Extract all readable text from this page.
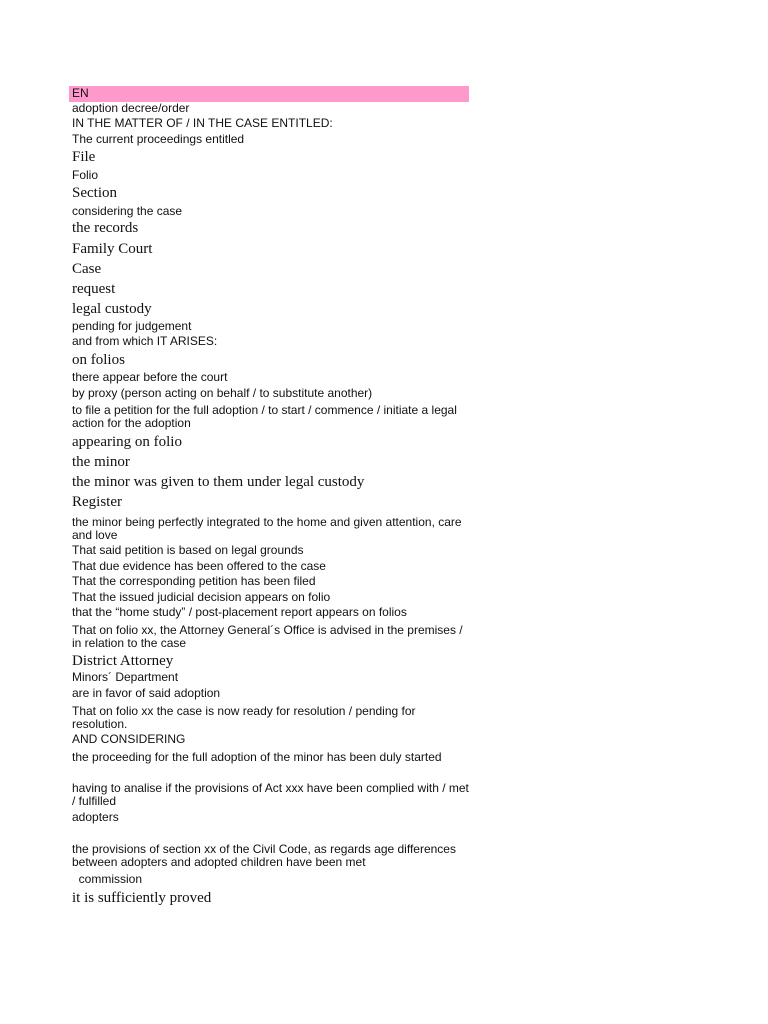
EN

adoption decree/order

IN THE MATTER OF / IN THE CASE ENTITLED:

The current proceedings entitled

File

Folio

Section

considering the case

the records

Family Court

Case

request

legal custody

pending for judgement

and from which IT ARISES:

on folios

there appear before the court

by proxy (person acting on behalf / to substitute another)

to file a petition for the full adoption / to start / commence / initiate a legal action for the adoption

appearing on folio

the minor

the minor was given to them under legal custody

Register

the minor being perfectly integrated to the home and given attention, care and love

That said petition is based on legal grounds

That due evidence has been offered to the case

That the corresponding petition has been filed

That the issued judicial decision appears on folio

that the “home study” / post-placement report appears on folios

That on folio xx, the Attorney General´s Office is advised in the premises / in relation to the case

District Attorney

Minors´ Department

are in favor of said adoption

That on folio xx the case is now ready for resolution / pending for resolution.

AND CONSIDERING

the proceeding for the full adoption of the minor has been duly started

having to analise if the provisions of Act xxx have been complied with / met / fulfilled

adopters

the provisions of section xx of the Civil Code, as regards age differences between adopters and adopted children have been met

commission

it is sufficiently proved
